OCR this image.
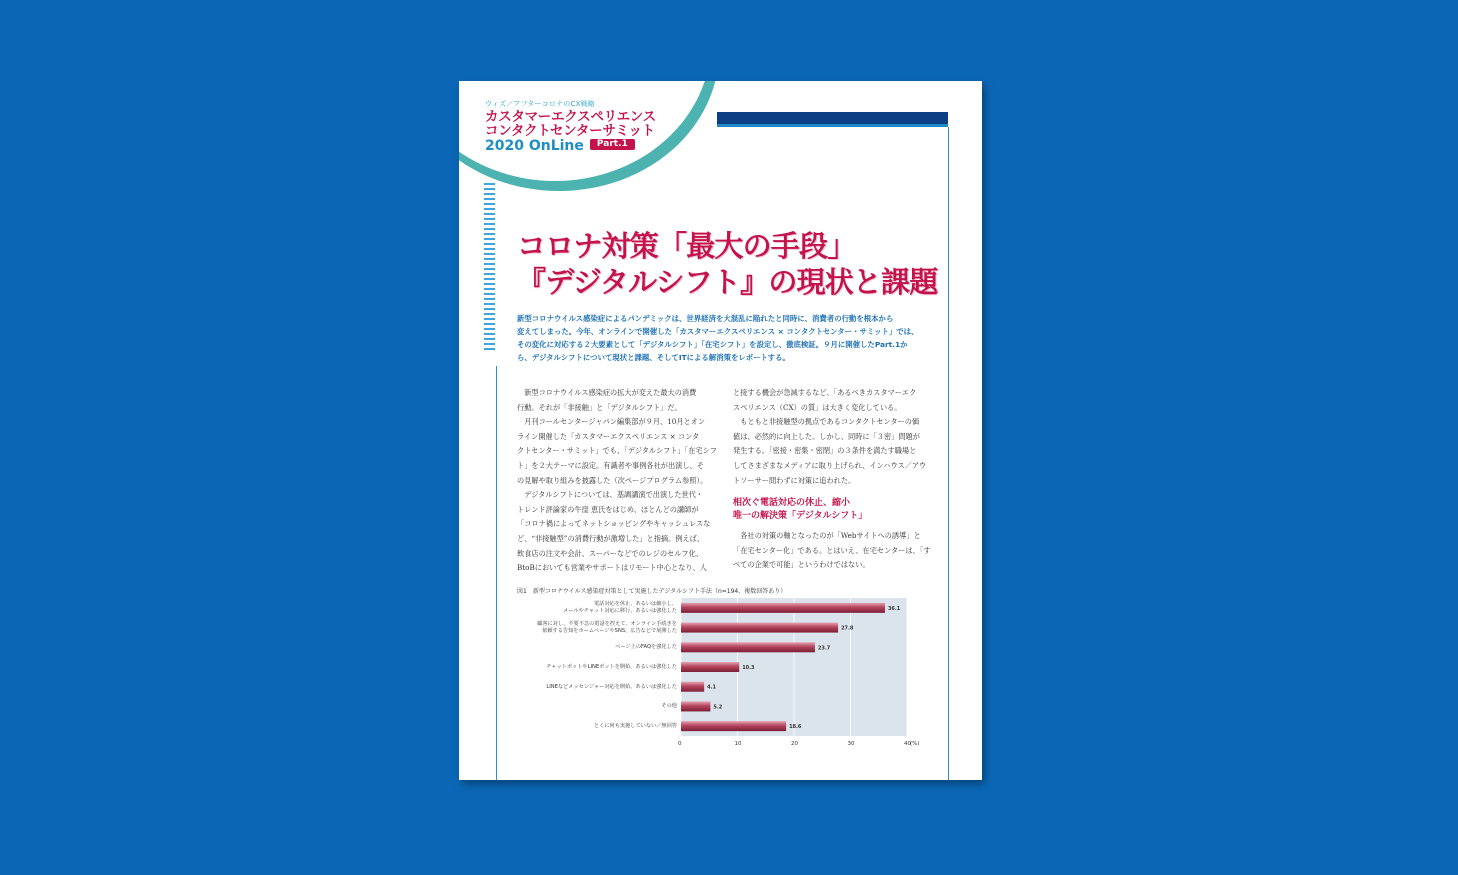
ウィズ／アフターコロナのCX戦略
カスタマーエクスペリエンス
コンタクトセンターサミット
2020 OnLine Part.1
コロナ対策「最大の手段」
『デジタルシフト』の現状と課題

新型コロナウイルス感染症によるパンデミックは、世界経済を大混乱に陥れたと同時に、消費者の行動を根本から

変えてしまった。今年、オンラインで開催した「カスタマーエクスペリエンス × コンタクトセンター・サミット」では、

その変化に対応する２大要素として「デジタルシフト」「在宅シフト」を設定し、徹底検証。９月に開催したPart.1か

ら、デジタルシフトについて現状と課題、そしてITによる解消策をレポートする。

　新型コロナウイルス感染症の拡大が変えた最大の消費

行動。それが「非接触」と「デジタルシフト」だ。

　月刊コールセンタージャパン編集部が９月、10月とオン

ライン開催した「カスタマーエクスペリエンス × コンタ

クトセンター・サミット」でも、「デジタルシフト」「在宅シフ

ト」を２大テーマに設定。有識者や事例各社が出演し、そ

の見解や取り組みを披露した（次ページプログラム参照）。

　デジタルシフトについては、基調講演で出演した世代・

トレンド評論家の牛窪 恵氏をはじめ、ほとんどの講師が

「コロナ禍によってネットショッピングやキャッシュレスな

ど、“非接触型”の消費行動が激増した」と指摘。例えば、

飲食店の注文や会計、スーパーなどでのレジのセルフ化、

BtoBにおいても営業やサポートはリモート中心となり、人

と接する機会が急減するなど、「あるべきカスタマーエク

スペリエンス（CX）の質」は大きく変化している。

　もともと非接触型の拠点であるコンタクトセンターの価

値は、必然的に向上した。しかし、同時に「３密」問題が

発生する。「密接・密集・密閉」の３条件を満たす職場と

してさまざまなメディアに取り上げられ、インハウス／アウ

トソーサー問わずに対策に追われた。

相次ぐ電話対応の休止、縮小
唯一の解決策「デジタルシフト」

　各社の対策の軸となったのが「Webサイトへの誘導」と

「在宅センター化」である。とはいえ、在宅センターは、「す

べての企業で可能」というわけではない。

図1　新型コロナウイルス感染症対策として実施したデジタルシフト手法（n=194、複数回答あり）
36.1
27.8
23.7
10.3
4.1
5.2
18.6
電話対応を休止、あるいは縮小し、
メールやチャット対応に移行、あるいは強化した
顧客に対し、不要不急の電話を控えて、オンライン手続きを
依頼する告知をホームページやSNS、広告などで展開した
ページ上のFAQを強化した
チャットボットやLINEボットを開始、あるいは強化した
LINEなどメッセンジャー対応を開始、あるいは強化した
その他
とくに何も実施していない／無回答
0	10	20	30	40 (%)
